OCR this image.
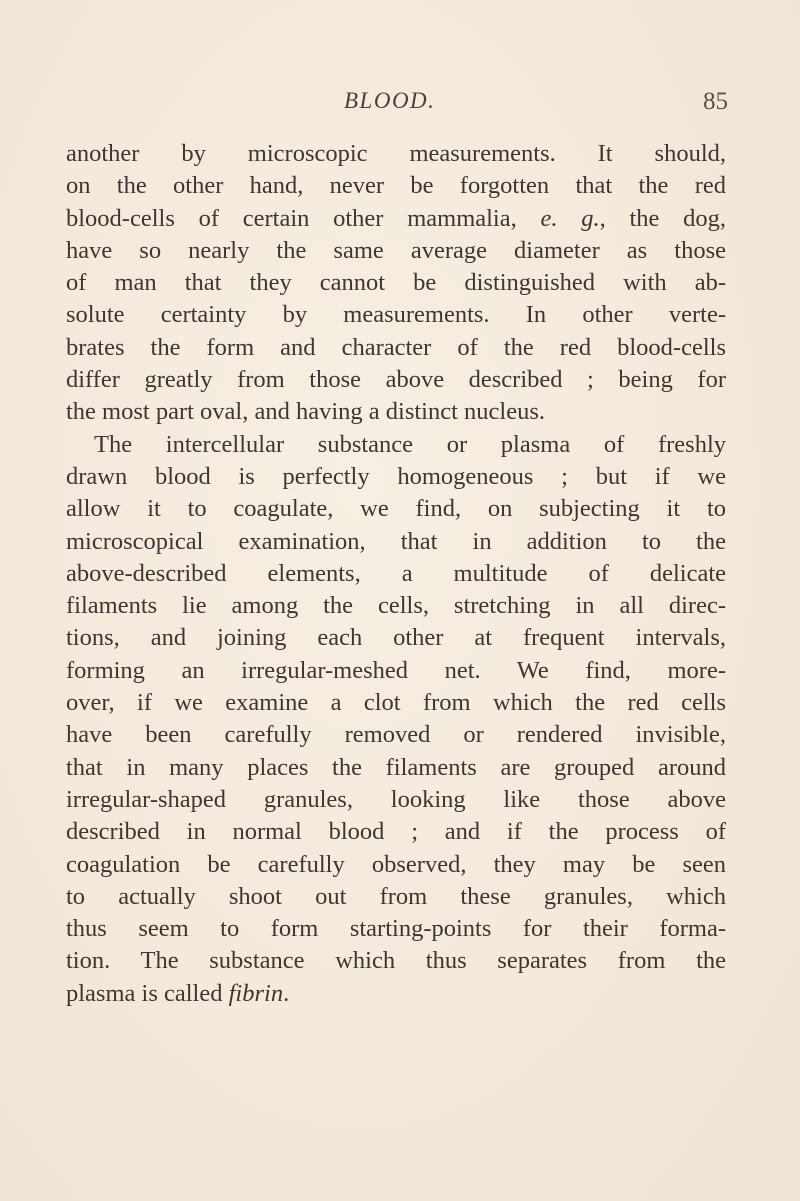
BLOOD.	85
another by microscopic measurements. It should,
on the other hand, never be forgotten that the red
blood-cells of certain other mammalia, e. g., the dog,
have so nearly the same average diameter as those
of man that they cannot be distinguished with ab-
solute certainty by measurements. In other verte-
brates the form and character of the red blood-cells
differ greatly from those above described ; being for
the most part oval, and having a distinct nucleus.
The intercellular substance or plasma of freshly
drawn blood is perfectly homogeneous ; but if we
allow it to coagulate, we find, on subjecting it to
microscopical examination, that in addition to the
above-described elements, a multitude of delicate
filaments lie among the cells, stretching in all direc-
tions, and joining each other at frequent intervals,
forming an irregular-meshed net. We find, more-
over, if we examine a clot from which the red cells
have been carefully removed or rendered invisible,
that in many places the filaments are grouped around
irregular-shaped granules, looking like those above
described in normal blood ; and if the process of
coagulation be carefully observed, they may be seen
to actually shoot out from these granules, which
thus seem to form starting-points for their forma-
tion. The substance which thus separates from the
plasma is called fibrin.
